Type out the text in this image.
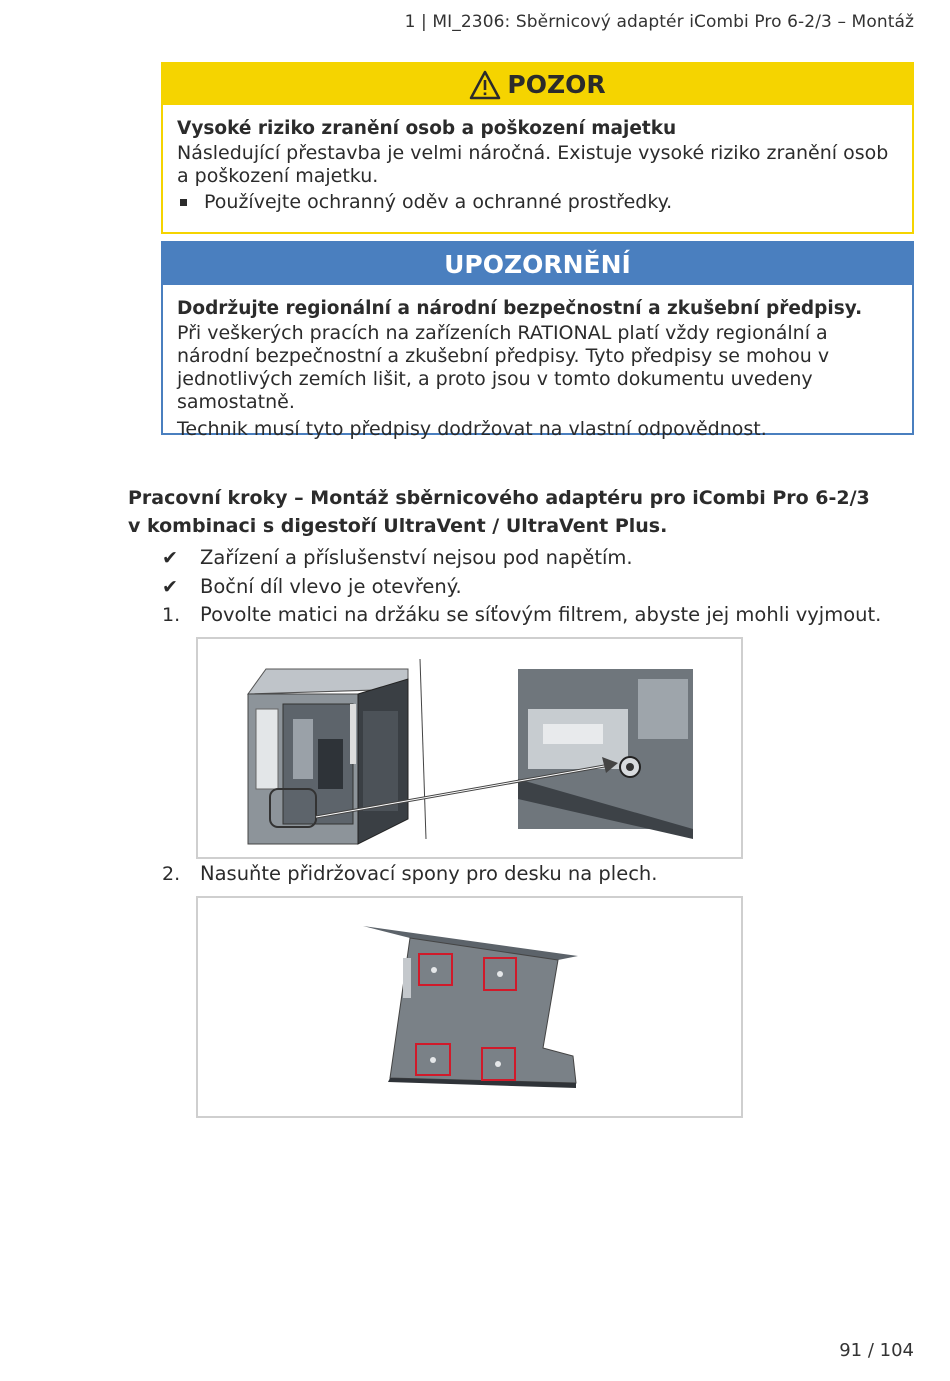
1 | MI_2306: Sběrnicový adaptér iCombi Pro 6-2/3 – Montáž
POZOR

Vysoké riziko zranění osob a poškození majetku

Následující přestavba je velmi náročná. Existuje vysoké riziko zranění osob a poškození majetku.

Používejte ochranný oděv a ochranné prostředky.
UPOZORNĚNÍ

Dodržujte regionální a národní bezpečnostní a zkušební předpisy.

Při veškerých pracích na zařízeních RATIONAL platí vždy regionální a národní bezpečnostní a zkušební předpisy. Tyto předpisy se mohou v jednotlivých zemích lišit, a proto jsou v tomto dokumentu uvedeny samostatně.

Technik musí tyto předpisy dodržovat na vlastní odpovědnost.

Pracovní kroky – Montáž sběrnicového adaptéru pro iCombi Pro 6-2/3 v kombinaci s digestoří UltraVent / UltraVent Plus.
✔	Zařízení a příslušenství nejsou pod napětím.
✔	Boční díl vlevo je otevřený.
1.	Povolte matici na držáku se síťovým filtrem, abyste jej mohli vyjmout.
2.	Nasuňte přidržovací spony pro desku na plech.
91 / 104
